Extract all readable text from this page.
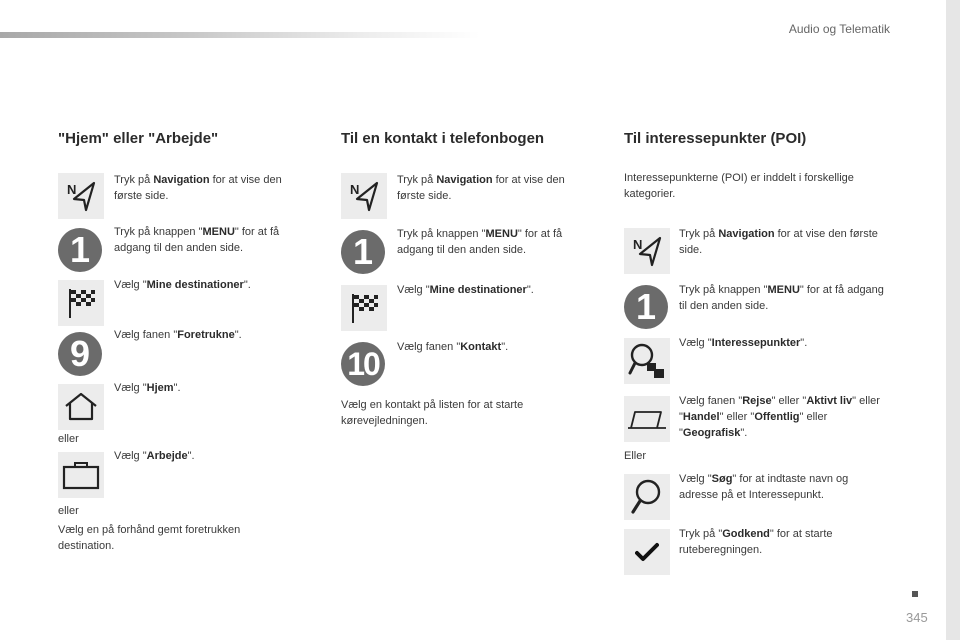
Audio og Telematik
"Hjem" eller "Arbejde"
N
Tryk på Navigation for at vise den første side.
1	Tryk på knappen "MENU" for at få adgang til den anden side.
Vælg "Mine destinationer".
9	Vælg fanen "Foretrukne".
Vælg "Hjem".
eller
Vælg "Arbejde".
eller
Vælg en på forhånd gemt foretrukken destination.
Til en kontakt i telefonbogen
N
Tryk på Navigation for at vise den første side.
1	Tryk på knappen "MENU" for at få adgang til den anden side.
Vælg "Mine destinationer".
10	Vælg fanen "Kontakt".
Vælg en kontakt på listen for at starte kørevejledningen.
Til interessepunkter (POI)
Interessepunkterne (POI) er inddelt i forskellige kategorier.
N
Tryk på Navigation for at vise den første side.
1	Tryk på knappen "MENU" for at få adgang til den anden side.
Vælg "Interessepunkter".
Vælg fanen "Rejse" eller "Aktivt liv" eller "Handel" eller "Offentlig" eller "Geografisk".
Eller
Vælg "Søg" for at indtaste navn og adresse på et Interessepunkt.
Tryk på "Godkend" for at starte ruteberegningen.
345
